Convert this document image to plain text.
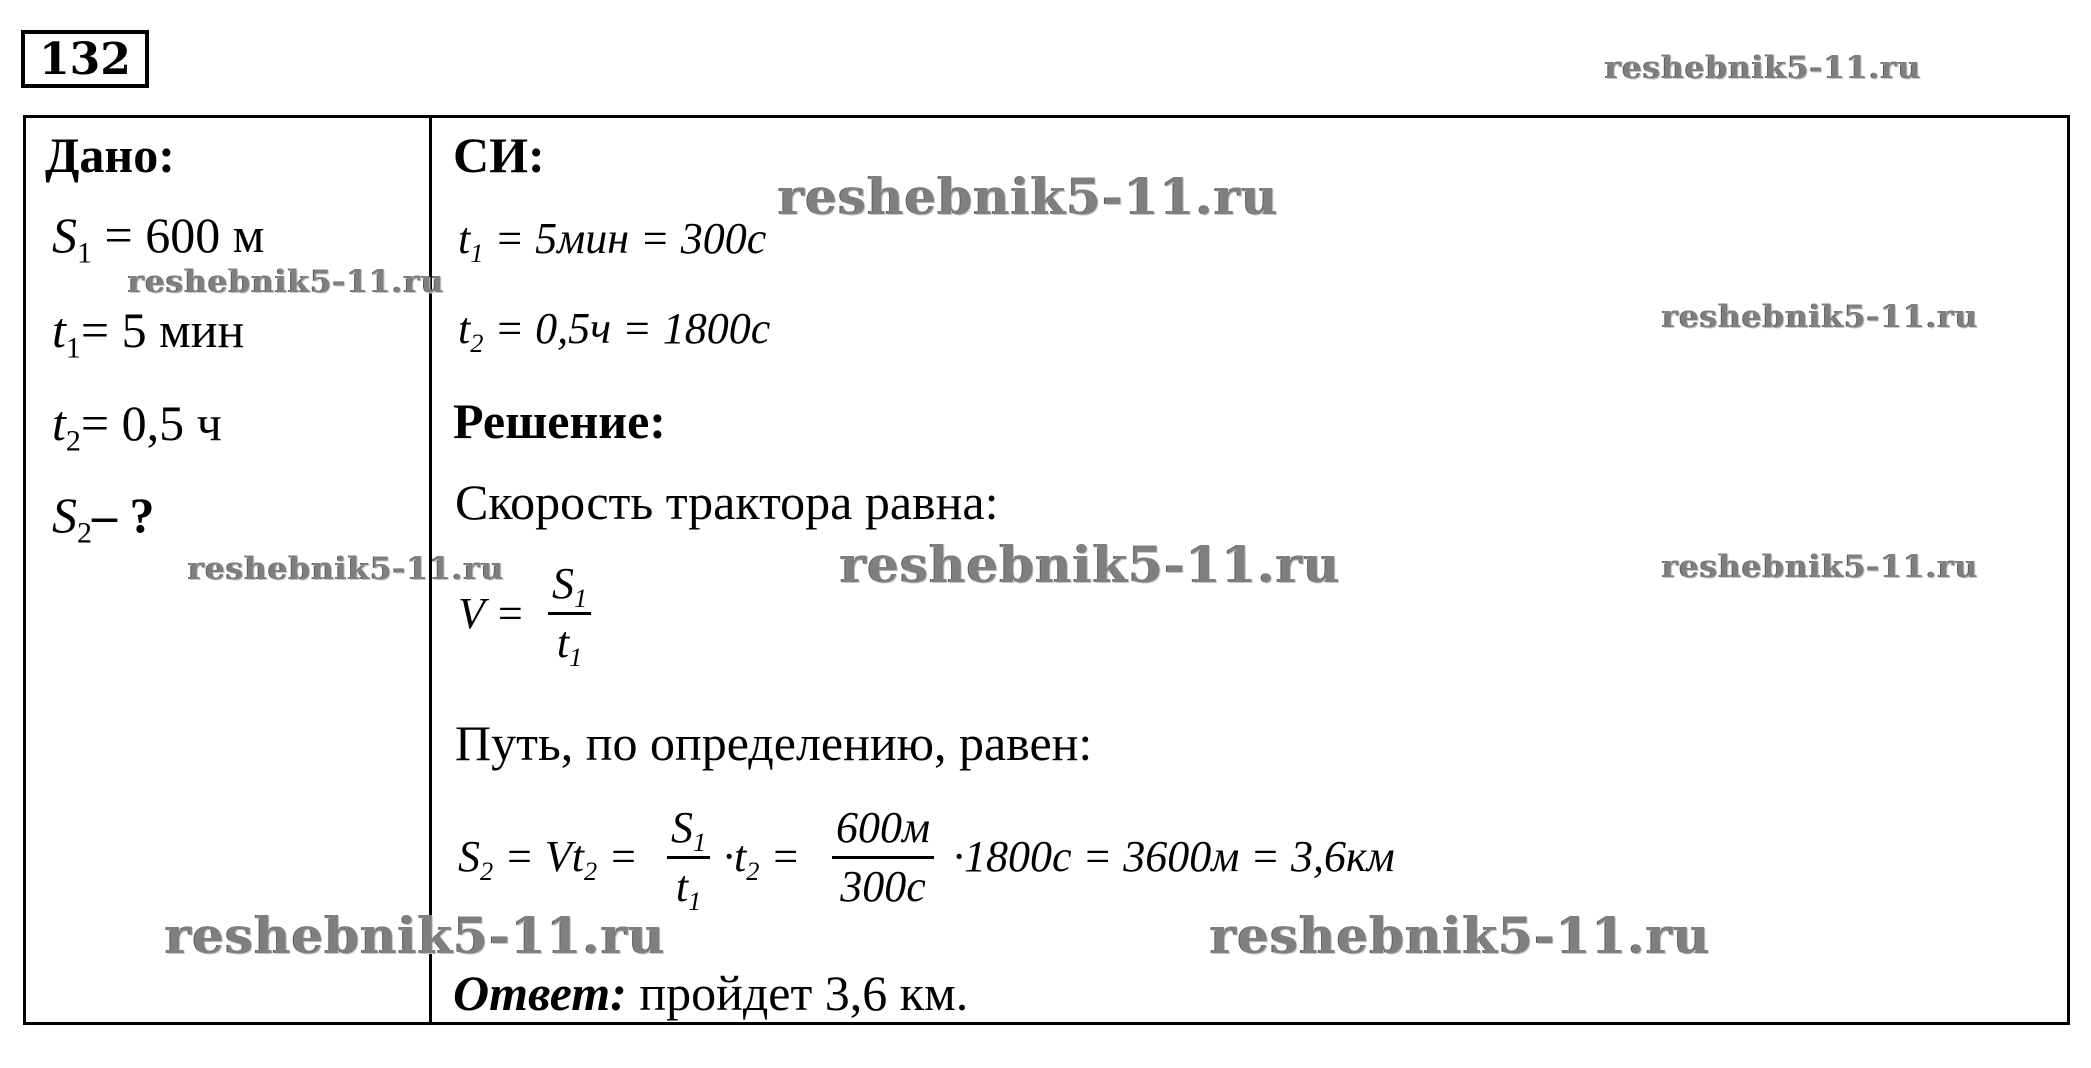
132
Дано:
$S_1 = 600$ м
$t_1= 5$ мин
$t_2= 0,5$ ч
$S_2-$ ?
СИ:
$t_1 = 5мин = 300с$
$t_2 = 0,5ч = 1800с$
Решение:
Скорость трактора равна:
$V = \frac{S_1}{t_1}$
Путь, по определению, равен:
$S_2 = Vt_2 = \frac{S_1}{t_1} \cdot t_2$ =
600м
300с
·1800с = 3600м = 3,6км
Ответ: пройдет 3,6 км.
reshebnik5-11.ru
reshebnik5-11.ru
reshebnik5-11.ru
reshebnik5-11.ru
reshebnik5-11.ru	reshebnik5-11.ru	reshebnik5-11.ru
reshebnik5-11.ru	reshebnik5-11.ru
